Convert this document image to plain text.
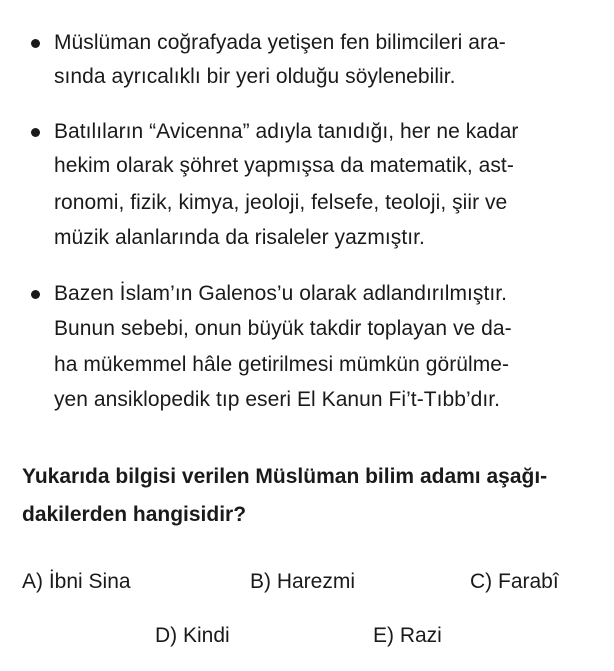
Müslüman coğrafyada yetişen fen bilimcileri ara-
sında ayrıcalıklı bir yeri olduğu söylenebilir.
Batılıların “Avicenna” adıyla tanıdığı, her ne kadar
hekim olarak şöhret yapmışsa da matematik, ast-
ronomi, fizik, kimya, jeoloji, felsefe, teoloji, şiir ve
müzik alanlarında da risaleler yazmıştır.
Bazen İslam’ın Galenos’u olarak adlandırılmıştır.
Bunun sebebi, onun büyük takdir toplayan ve da-
ha mükemmel hâle getirilmesi mümkün görülme-
yen ansiklopedik tıp eseri El Kanun Fi’t-Tıbb’dır.
Yukarıda bilgisi verilen Müslüman bilim adamı aşağı-
dakilerden hangisidir?
A) İbni Sina	B) Harezmi	C) Farabî
D) Kindi	E) Razi
